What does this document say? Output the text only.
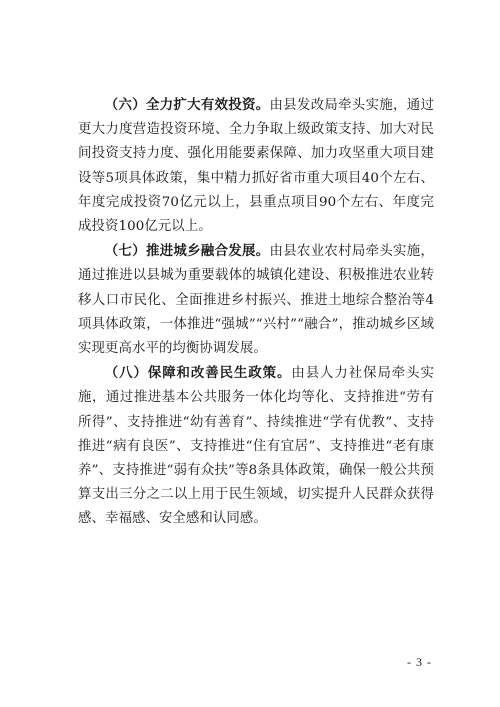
（六）全力扩大有效投资。由县发改局牵头实施，通过更大力度营造投资环境、全力争取上级政策支持、加大对民间投资支持力度、强化用能要素保障、加力攻坚重大项目建设等5项具体政策，集中精力抓好省市重大项目40个左右、年度完成投资70亿元以上，县重点项目90个左右、年度完成投资100亿元以上。

（七）推进城乡融合发展。由县农业农村局牵头实施，通过推进以县城为重要载体的城镇化建设、积极推进农业转移人口市民化、全面推进乡村振兴、推进土地综合整治等4项具体政策，一体推进“强城”“兴村”“融合”，推动城乡区域实现更高水平的均衡协调发展。

（八）保障和改善民生政策。由县人力社保局牵头实施，通过推进基本公共服务一体化均等化、支持推进“劳有所得”、支持推进“幼有善育”、持续推进“学有优教”、支持推进“病有良医”、支持推进“住有宜居”、支持推进“老有康养”、支持推进“弱有众扶”等8条具体政策，确保一般公共预算支出三分之二以上用于民生领域，切实提升人民群众获得感、幸福感、安全感和认同感。

- 3 -
